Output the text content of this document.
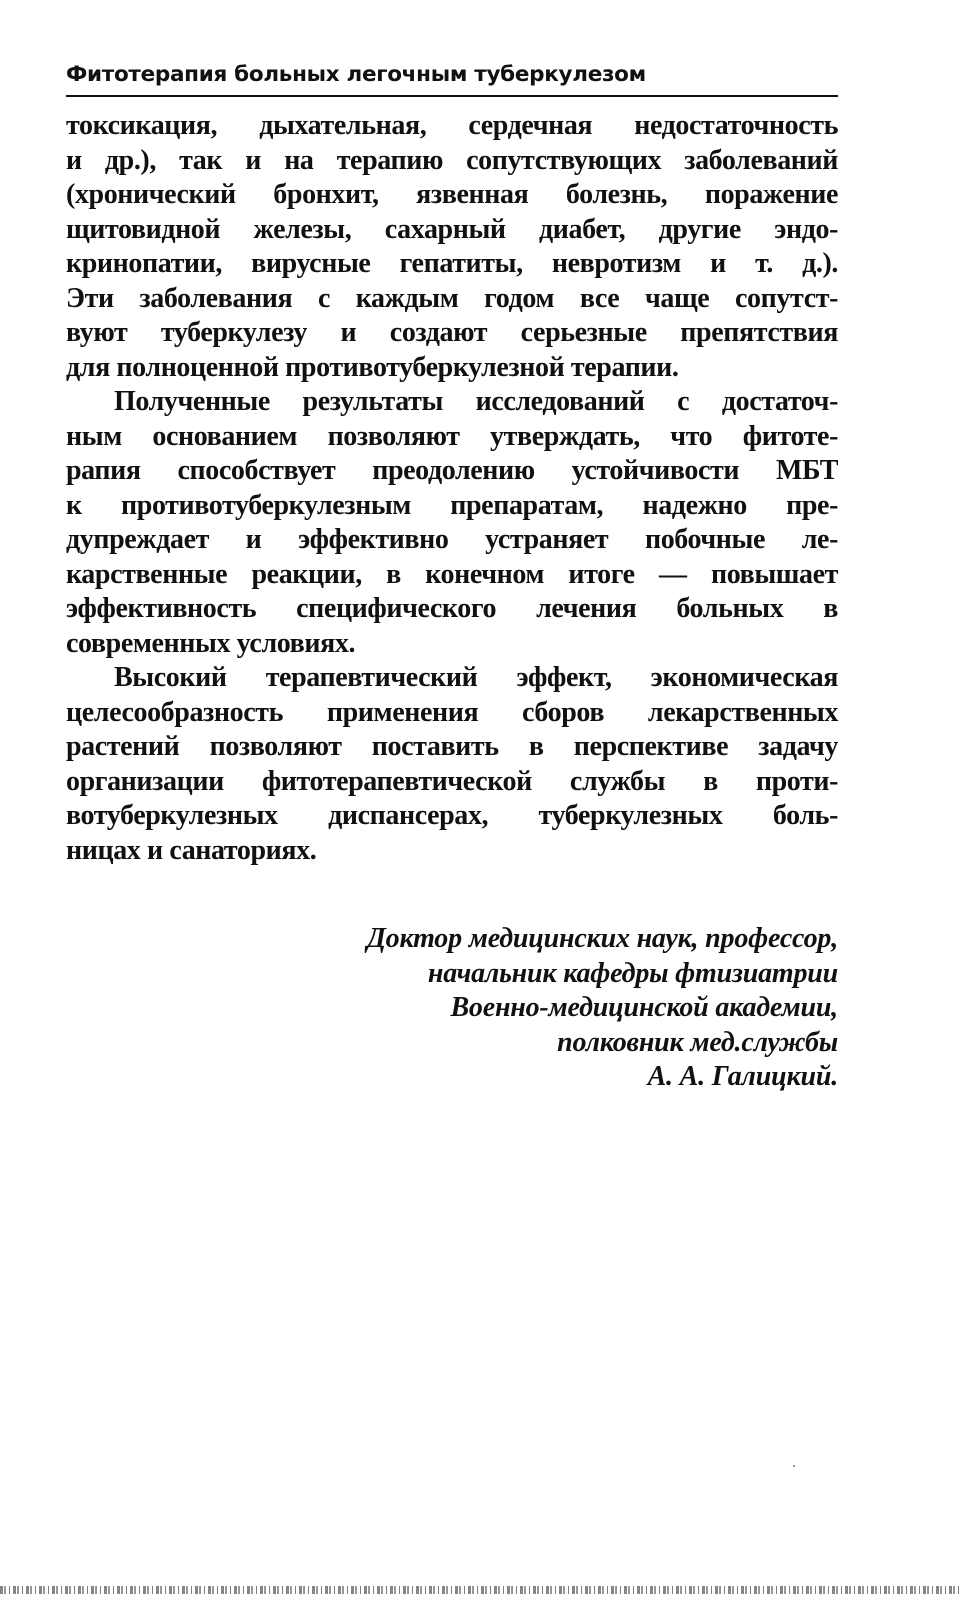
Фитотерапия больных легочным туберкулезом
токсикация, дыхательная, сердечная недостаточность
и др.), так и на терапию сопутствующих заболеваний
(хронический бронхит, язвенная болезнь, поражение
щитовидной железы, сахарный диабет, другие эндо-
кринопатии, вирусные гепатиты, невротизм и т. д.).
Эти заболевания с каждым годом все чаще сопутст-
вуют туберкулезу и создают серьезные препятствия
для полноценной противотуберкулезной терапии.
Полученные результаты исследований с достаточ-
ным основанием позволяют утверждать, что фитоте-
рапия способствует преодолению устойчивости МБТ
к противотуберкулезным препаратам, надежно пре-
дупреждает и эффективно устраняет побочные ле-
карственные реакции, в конечном итоге — повышает
эффективность специфического лечения больных в
современных условиях.
Высокий терапевтический эффект, экономическая
целесообразность применения сборов лекарственных
растений позволяют поставить в перспективе задачу
организации фитотерапевтической службы в проти-
вотуберкулезных диспансерах, туберкулезных боль-
ницах и санаториях.
Доктор медицинских наук, профессор,
начальник кафедры фтизиатрии
Военно-медицинской академии,
полковник мед.службы
А. А. Галицкий.
